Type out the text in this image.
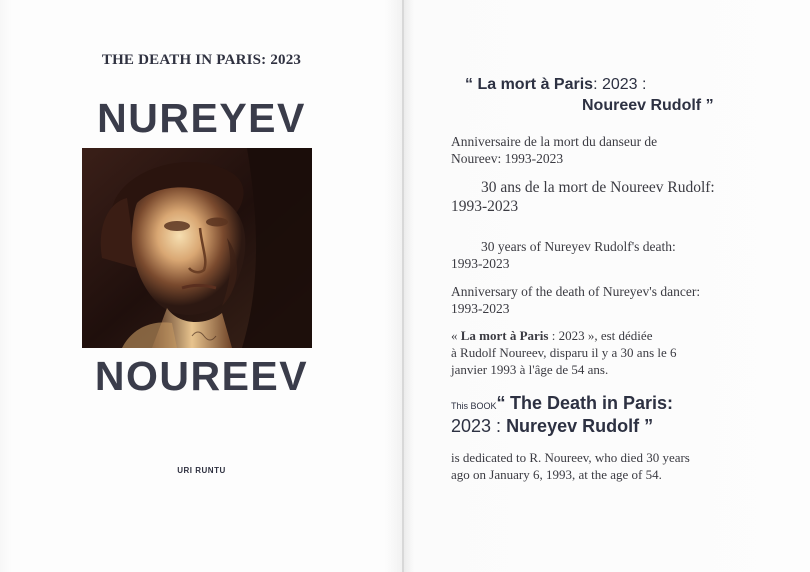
THE DEATH IN PARIS: 2023
NUREYEV
NOUREEV
URI RUNTU
“ La mort à Paris: 2023 :
Noureev Rudolf ”
Anniversaire de la mort du danseur de
Noureev: 1993-2023
30 ans de la mort de Noureev Rudolf:
1993-2023
30 years of Nureyev Rudolf's death:
1993-2023
Anniversary of the death of Nureyev's dancer:
1993-2023
« La mort à Paris : 2023 », est dédiée
à Rudolf Noureev, disparu il y a 30 ans le 6
janvier 1993 à l'âge de 54 ans.
This BOOK“ The Death in Paris:
2023 : Nureyev Rudolf ”
is dedicated to R. Noureev, who died 30 years
ago on January 6, 1993, at the age of 54.
